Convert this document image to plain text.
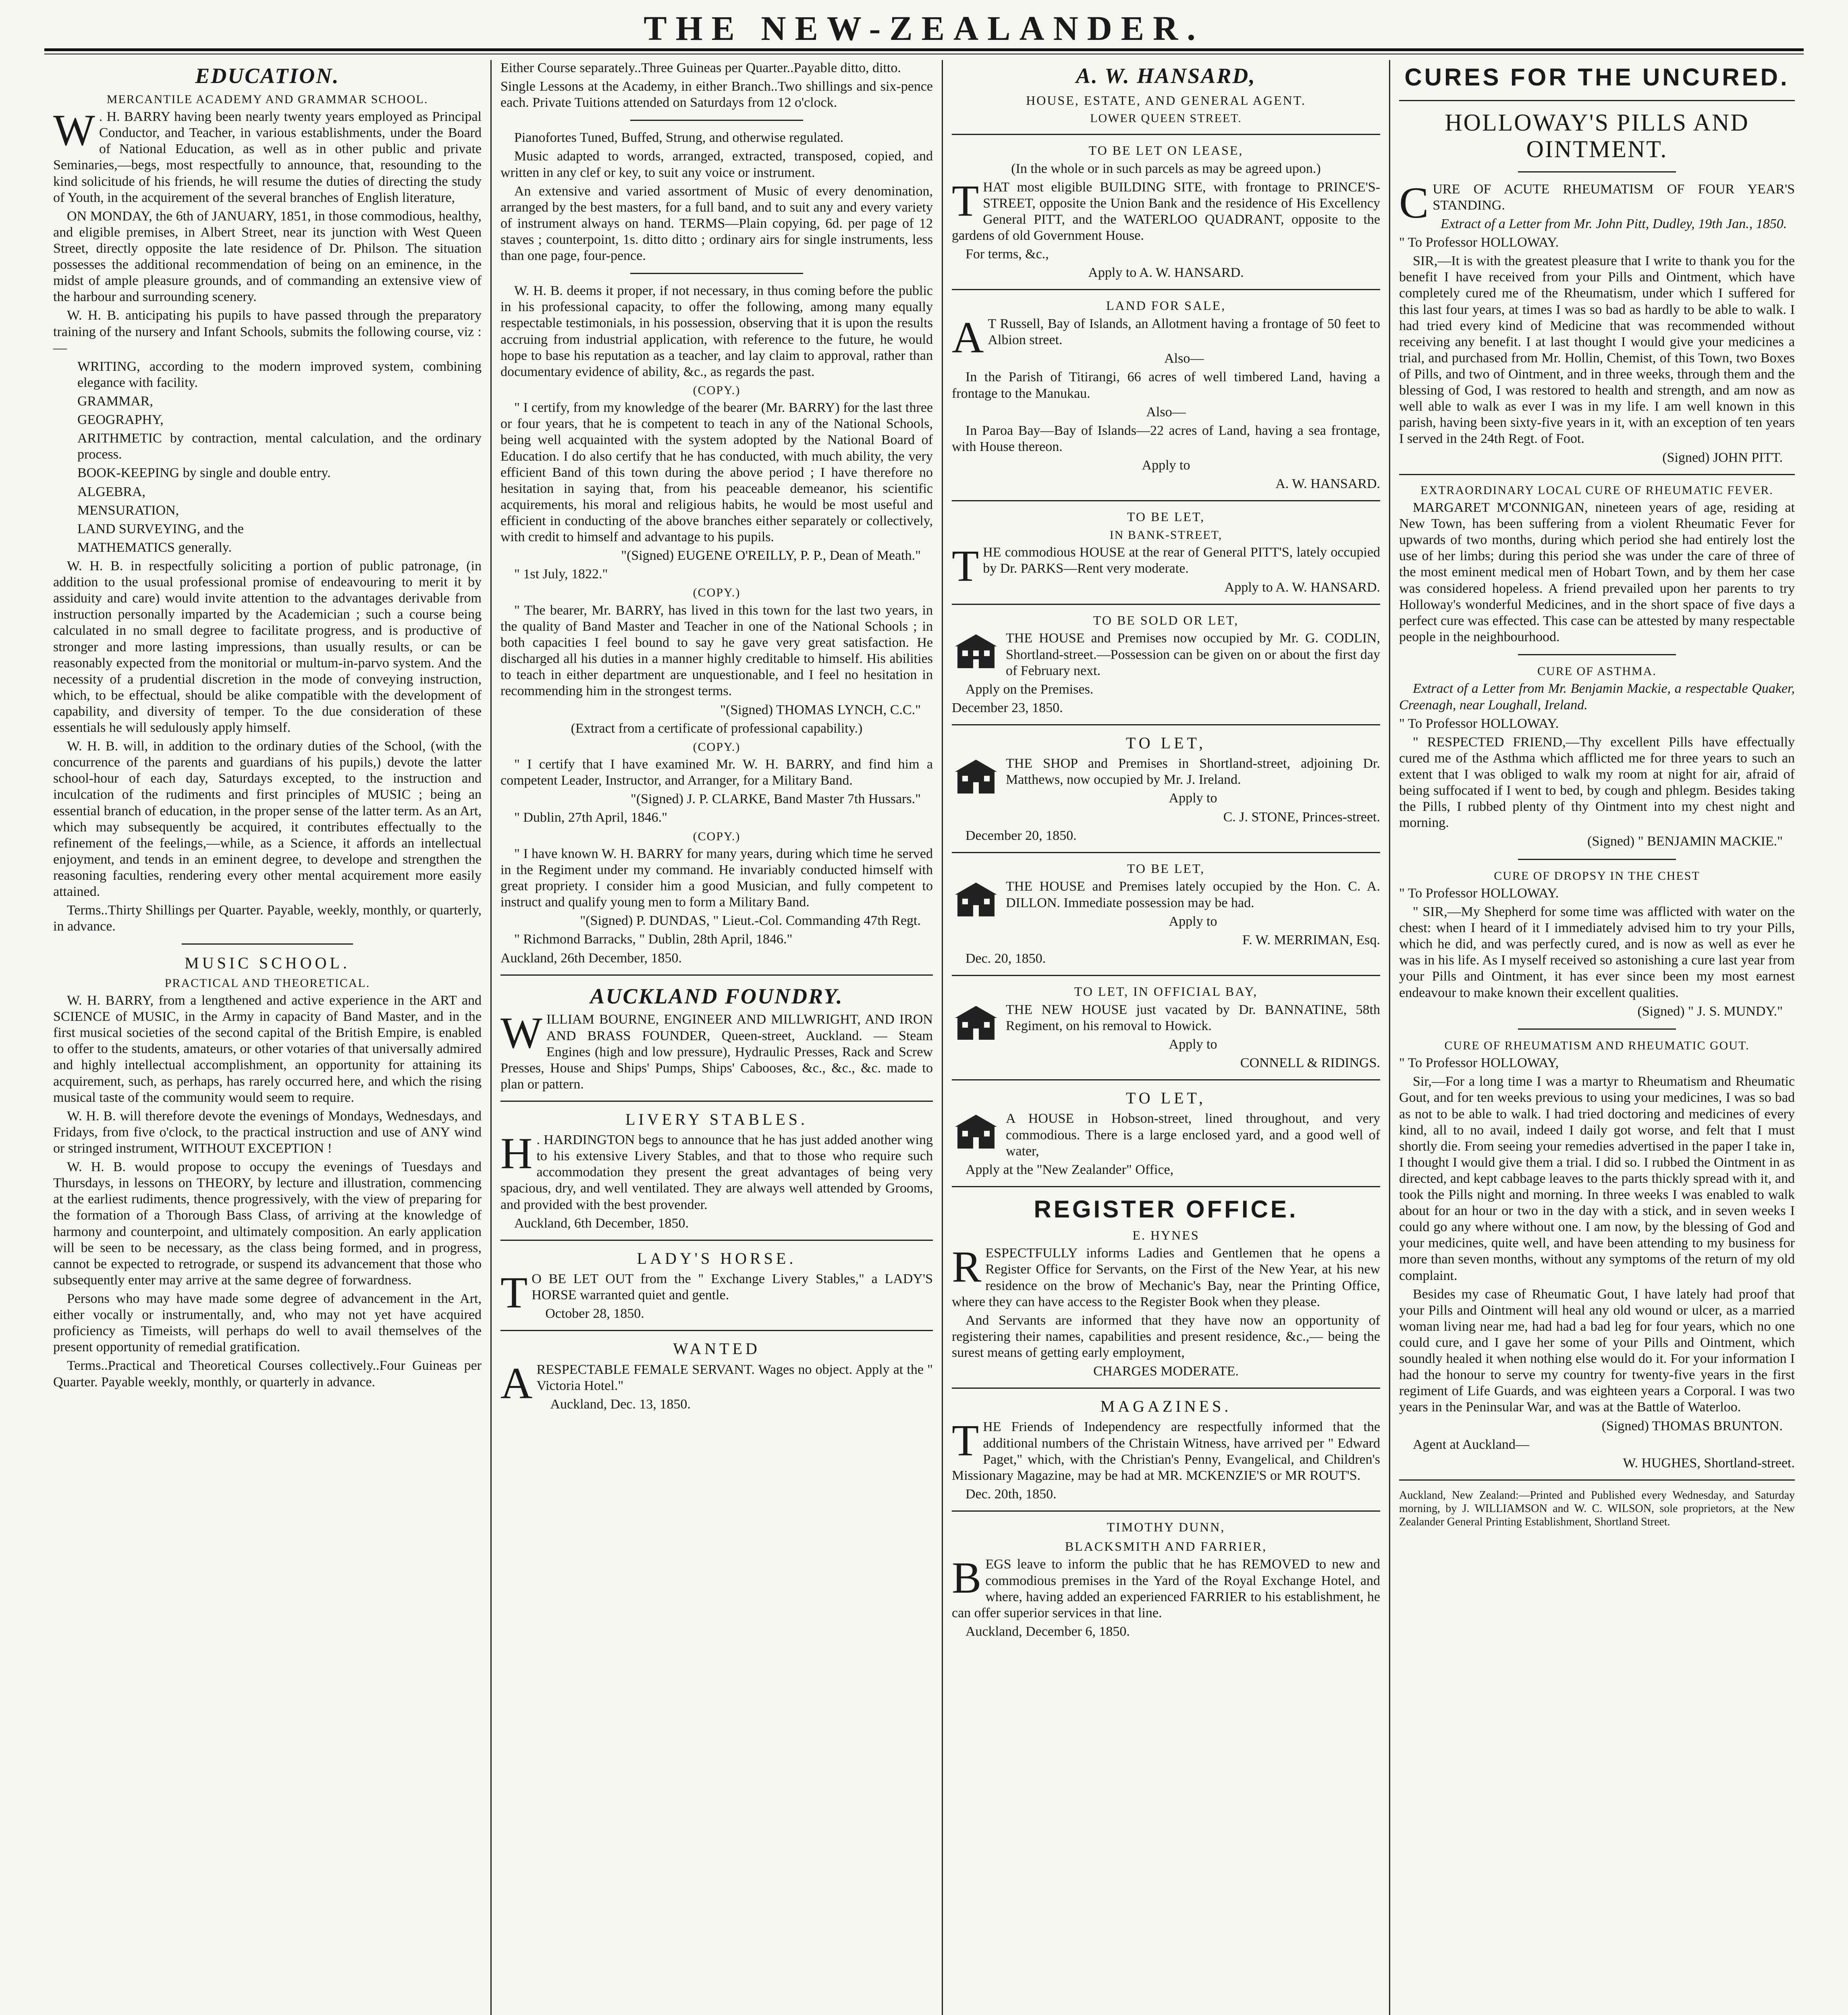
THE NEW-ZEALANDER.
EDUCATION.
MERCANTILE ACADEMY AND GRAMMAR SCHOOL.

W . H. BARRY having been nearly twenty years employed as Principal Conductor, and Teacher, in various establishments, under the Board of National Education, as well as in other public and private Seminaries,—begs, most respectfully to announce, that, resounding to the kind solicitude of his friends, he will resume the duties of directing the study of Youth, in the acquirement of the several branches of English literature,

ON MONDAY, the 6th of JANUARY, 1851, in those commodious, healthy, and eligible premises, in Albert Street, near its junction with West Queen Street, directly opposite the late residence of Dr. Philson. The situation possesses the additional recommendation of being on an eminence, in the midst of ample pleasure grounds, and of commanding an extensive view of the harbour and surrounding scenery.

W. H. B. anticipating his pupils to have passed through the preparatory training of the nursery and Infant Schools, submits the following course, viz :—

WRITING, according to the modern improved system, combining elegance with facility.

GRAMMAR,

GEOGRAPHY,

ARITHMETIC by contraction, mental calculation, and the ordinary process.

BOOK-KEEPING by single and double entry.

ALGEBRA,

MENSURATION,

LAND SURVEYING, and the

MATHEMATICS generally.

W. H. B. in respectfully soliciting a portion of public patronage, (in addition to the usual professional promise of endeavouring to merit it by assiduity and care) would invite attention to the advantages derivable from instruction personally imparted by the Academician ; such a course being calculated in no small degree to facilitate progress, and is productive of stronger and more lasting impressions, than usually results, or can be reasonably expected from the monitorial or multum-in-parvo system. And the necessity of a prudential discretion in the mode of conveying instruction, which, to be effectual, should be alike compatible with the development of capability, and diversity of temper. To the due consideration of these essentials he will sedulously apply himself.

W. H. B. will, in addition to the ordinary duties of the School, (with the concurrence of the parents and guardians of his pupils,) devote the latter school-hour of each day, Saturdays excepted, to the instruction and inculcation of the rudiments and first principles of MUSIC ; being an essential branch of education, in the proper sense of the latter term. As an Art, which may subsequently be acquired, it contributes effectually to the refinement of the feelings,—while, as a Science, it affords an intellectual enjoyment, and tends in an eminent degree, to develope and strengthen the reasoning faculties, rendering every other mental acquirement more easily attained.

Terms..Thirty Shillings per Quarter. Payable, weekly, monthly, or quarterly, in advance.

MUSIC SCHOOL.
PRACTICAL AND THEORETICAL.

W. H. BARRY, from a lengthened and active experience in the ART and SCIENCE of MUSIC, in the Army in capacity of Band Master, and in the first musical societies of the second capital of the British Empire, is enabled to offer to the students, amateurs, or other votaries of that universally admired and highly intellectual accomplishment, an opportunity for attaining its acquirement, such, as perhaps, has rarely occurred here, and which the rising musical taste of the community would seem to require.

W. H. B. will therefore devote the evenings of Mondays, Wednesdays, and Fridays, from five o'clock, to the practical instruction and use of ANY wind or stringed instrument, WITHOUT EXCEPTION !

W. H. B. would propose to occupy the evenings of Tuesdays and Thursdays, in lessons on THEORY, by lecture and illustration, commencing at the earliest rudiments, thence progressively, with the view of preparing for the formation of a Thorough Bass Class, of arriving at the knowledge of harmony and counterpoint, and ultimately composition. An early application will be seen to be necessary, as the class being formed, and in progress, cannot be expected to retrograde, or suspend its advancement that those who subsequently enter may arrive at the same degree of forwardness.

Persons who may have made some degree of advancement in the Art, either vocally or instrumentally, and, who may not yet have acquired proficiency as Timeists, will perhaps do well to avail themselves of the present opportunity of remedial gratification.

Terms..Practical and Theoretical Courses collectively..Four Guineas per Quarter. Payable weekly, monthly, or quarterly in advance.

Either Course separately..Three Guineas per Quarter..Payable ditto, ditto.

Single Lessons at the Academy, in either Branch..Two shillings and six-pence each. Private Tuitions attended on Saturdays from 12 o'clock.

Pianofortes Tuned, Buffed, Strung, and otherwise regulated.

Music adapted to words, arranged, extracted, transposed, copied, and written in any clef or key, to suit any voice or instrument.

An extensive and varied assortment of Music of every denomination, arranged by the best masters, for a full band, and to suit any and every variety of instrument always on hand. TERMS—Plain copying, 6d. per page of 12 staves ; counterpoint, 1s. ditto ditto ; ordinary airs for single instruments, less than one page, four-pence.

W. H. B. deems it proper, if not necessary, in thus coming before the public in his professional capacity, to offer the following, among many equally respectable testimonials, in his possession, observing that it is upon the results accruing from industrial application, with reference to the future, he would hope to base his reputation as a teacher, and lay claim to approval, rather than documentary evidence of ability, &c., as regards the past.

(COPY.)

" I certify, from my knowledge of the bearer (Mr. BARRY) for the last three or four years, that he is competent to teach in any of the National Schools, being well acquainted with the system adopted by the National Board of Education. I do also certify that he has conducted, with much ability, the very efficient Band of this town during the above period ; I have therefore no hesitation in saying that, from his peaceable demeanor, his scientific acquirements, his moral and religious habits, he would be most useful and efficient in conducting of the above branches either separately or collectively, with credit to himself and advantage to his pupils.

"(Signed) EUGENE O'REILLY, P. P., Dean of Meath."

" 1st July, 1822."

(COPY.)

" The bearer, Mr. BARRY, has lived in this town for the last two years, in the quality of Band Master and Teacher in one of the National Schools ; in both capacities I feel bound to say he gave very great satisfaction. He discharged all his duties in a manner highly creditable to himself. His abilities to teach in either department are unquestionable, and I feel no hesitation in recommending him in the strongest terms.

"(Signed) THOMAS LYNCH, C.C."

(Extract from a certificate of professional capability.)

(COPY.)

" I certify that I have examined Mr. W. H. BARRY, and find him a competent Leader, Instructor, and Arranger, for a Military Band.

"(Signed) J. P. CLARKE, Band Master 7th Hussars."

" Dublin, 27th April, 1846."

(COPY.)

" I have known W. H. BARRY for many years, during which time he served in the Regiment under my command. He invariably conducted himself with great propriety. I consider him a good Musician, and fully competent to instruct and qualify young men to form a Military Band.

"(Signed) P. DUNDAS, " Lieut.-Col. Commanding 47th Regt.

" Richmond Barracks, " Dublin, 28th April, 1846."

Auckland, 26th December, 1850.

AUCKLAND FOUNDRY.

WILLIAM BOURNE, ENGINEER AND MILLWRIGHT, AND IRON AND BRASS FOUNDER, Queen-street, Auckland. — Steam Engines (high and low pressure), Hydraulic Presses, Rack and Screw Presses, House and Ships' Pumps, Ships' Cabooses, &c., &c., &c. made to plan or pattern.

LIVERY STABLES.

H . HARDINGTON begs to announce that he has just added another wing to his extensive Livery Stables, and that to those who require such accommodation they present the great advantages of being very spacious, dry, and well ventilated. They are always well attended by Grooms, and provided with the best provender.

Auckland, 6th December, 1850.

LADY'S HORSE.

T O BE LET OUT from the " Exchange Livery Stables," a LADY'S HORSE warranted quiet and gentle.

October 28, 1850.

WANTED

A RESPECTABLE FEMALE SERVANT. Wages no object. Apply at the " Victoria Hotel."

Auckland, Dec. 13, 1850.

A. W. HANSARD,
HOUSE, ESTATE, AND GENERAL AGENT.
LOWER QUEEN STREET.
TO BE LET ON LEASE,

(In the whole or in such parcels as may be agreed upon.)

THAT most eligible BUILDING SITE, with frontage to PRINCE'S-STREET, opposite the Union Bank and the residence of His Excellency General PITT, and the WATERLOO QUADRANT, opposite to the gardens of old Government House.

For terms, &c.,

Apply to A. W. HANSARD.

LAND FOR SALE,

A T Russell, Bay of Islands, an Allotment having a frontage of 50 feet to Albion street.

Also—

In the Parish of Titirangi, 66 acres of well timbered Land, having a frontage to the Manukau.

Also—

In Paroa Bay—Bay of Islands—22 acres of Land, having a sea frontage, with House thereon.

Apply to

A. W. HANSARD.

TO BE LET,
IN BANK-STREET,

THE commodious HOUSE at the rear of General PITT'S, lately occupied by Dr. PARKS—Rent very moderate.

Apply to A. W. HANSARD.

TO BE SOLD OR LET,

THE HOUSE and Premises now occupied by Mr. G. CODLIN, Shortland-street.—Possession can be given on or about the first day of February next.

Apply on the Premises.

December 23, 1850.

TO LET,

THE SHOP and Premises in Shortland-street, adjoining Dr. Matthews, now occupied by Mr. J. Ireland.

Apply to

C. J. STONE, Princes-street.

December 20, 1850.

TO BE LET,

THE HOUSE and Premises lately occupied by the Hon. C. A. DILLON. Immediate possession may be had.

Apply to

F. W. MERRIMAN, Esq.

Dec. 20, 1850.

TO LET, IN OFFICIAL BAY,

THE NEW HOUSE just vacated by Dr. BANNATINE, 58th Regiment, on his removal to Howick.

Apply to

CONNELL & RIDINGS.

TO LET,

A HOUSE in Hobson-street, lined throughout, and very commodious. There is a large enclosed yard, and a good well of water,

Apply at the "New Zealander" Office,

REGISTER OFFICE.
E. HYNES

RESPECTFULLY informs Ladies and Gentlemen that he opens a Register Office for Servants, on the First of the New Year, at his new residence on the brow of Mechanic's Bay, near the Printing Office, where they can have access to the Register Book when they please.

And Servants are informed that they have now an opportunity of registering their names, capabilities and present residence, &c.,— being the surest means of getting early employment,

CHARGES MODERATE.

MAGAZINES.

THE Friends of Independency are respectfully informed that the additional numbers of the Christain Witness, have arrived per " Edward Paget," which, with the Christian's Penny, Evangelical, and Children's Missionary Magazine, may be had at MR. MCKENZIE'S or MR ROUT'S.

Dec. 20th, 1850.

TIMOTHY DUNN,
BLACKSMITH AND FARRIER,

BEGS leave to inform the public that he has REMOVED to new and commodious premises in the Yard of the Royal Exchange Hotel, and where, having added an experienced FARRIER to his establishment, he can offer superior services in that line.

Auckland, December 6, 1850.

CURES FOR THE UNCURED.
HOLLOWAY'S PILLS AND OINTMENT.

CURE OF ACUTE RHEUMATISM OF FOUR YEAR'S STANDING.

Extract of a Letter from Mr. John Pitt, Dudley, 19th Jan., 1850.

" To Professor HOLLOWAY.

SIR,—It is with the greatest pleasure that I write to thank you for the benefit I have received from your Pills and Ointment, which have completely cured me of the Rheumatism, under which I suffered for this last four years, at times I was so bad as hardly to be able to walk. I had tried every kind of Medicine that was recommended without receiving any benefit. I at last thought I would give your medicines a trial, and purchased from Mr. Hollin, Chemist, of this Town, two Boxes of Pills, and two of Ointment, and in three weeks, through them and the blessing of God, I was restored to health and strength, and am now as well able to walk as ever I was in my life. I am well known in this parish, having been sixty-five years in it, with an exception of ten years I served in the 24th Regt. of Foot.

(Signed) JOHN PITT.

EXTRAORDINARY LOCAL CURE OF RHEUMATIC FEVER.

MARGARET M'CONNIGAN, nineteen years of age, residing at New Town, has been suffering from a violent Rheumatic Fever for upwards of two months, during which period she had entirely lost the use of her limbs; during this period she was under the care of three of the most eminent medical men of Hobart Town, and by them her case was considered hopeless. A friend prevailed upon her parents to try Holloway's wonderful Medicines, and in the short space of five days a perfect cure was effected. This case can be attested by many respectable people in the neighbourhood.

CURE OF ASTHMA.

Extract of a Letter from Mr. Benjamin Mackie, a respectable Quaker, Creenagh, near Loughall, Ireland.

" To Professor HOLLOWAY.

" RESPECTED FRIEND,—Thy excellent Pills have effectually cured me of the Asthma which afflicted me for three years to such an extent that I was obliged to walk my room at night for air, afraid of being suffocated if I went to bed, by cough and phlegm. Besides taking the Pills, I rubbed plenty of thy Ointment into my chest night and morning.

(Signed) " BENJAMIN MACKIE."

CURE OF DROPSY IN THE CHEST

" To Professor HOLLOWAY.

" SIR,—My Shepherd for some time was afflicted with water on the chest: when I heard of it I immediately advised him to try your Pills, which he did, and was perfectly cured, and is now as well as ever he was in his life. As I myself received so astonishing a cure last year from your Pills and Ointment, it has ever since been my most earnest endeavour to make known their excellent qualities.

(Signed) " J. S. MUNDY."

CURE OF RHEUMATISM AND RHEUMATIC GOUT.

" To Professor HOLLOWAY,

Sir,—For a long time I was a martyr to Rheumatism and Rheumatic Gout, and for ten weeks previous to using your medicines, I was so bad as not to be able to walk. I had tried doctoring and medicines of every kind, all to no avail, indeed I daily got worse, and felt that I must shortly die. From seeing your remedies advertised in the paper I take in, I thought I would give them a trial. I did so. I rubbed the Ointment in as directed, and kept cabbage leaves to the parts thickly spread with it, and took the Pills night and morning. In three weeks I was enabled to walk about for an hour or two in the day with a stick, and in seven weeks I could go any where without one. I am now, by the blessing of God and your medicines, quite well, and have been attending to my business for more than seven months, without any symptoms of the return of my old complaint.

Besides my case of Rheumatic Gout, I have lately had proof that your Pills and Ointment will heal any old wound or ulcer, as a married woman living near me, had had a bad leg for four years, which no one could cure, and I gave her some of your Pills and Ointment, which soundly healed it when nothing else would do it. For your information I had the honour to serve my country for twenty-five years in the first regiment of Life Guards, and was eighteen years a Corporal. I was two years in the Peninsular War, and was at the Battle of Waterloo.

(Signed) THOMAS BRUNTON.

Agent at Auckland—

W. HUGHES, Shortland-street.

Auckland, New Zealand:—Printed and Published every Wednesday, and Saturday morning, by J. WILLIAMSON and W. C. WILSON, sole proprietors, at the New Zealander General Printing Establishment, Shortland Street.
